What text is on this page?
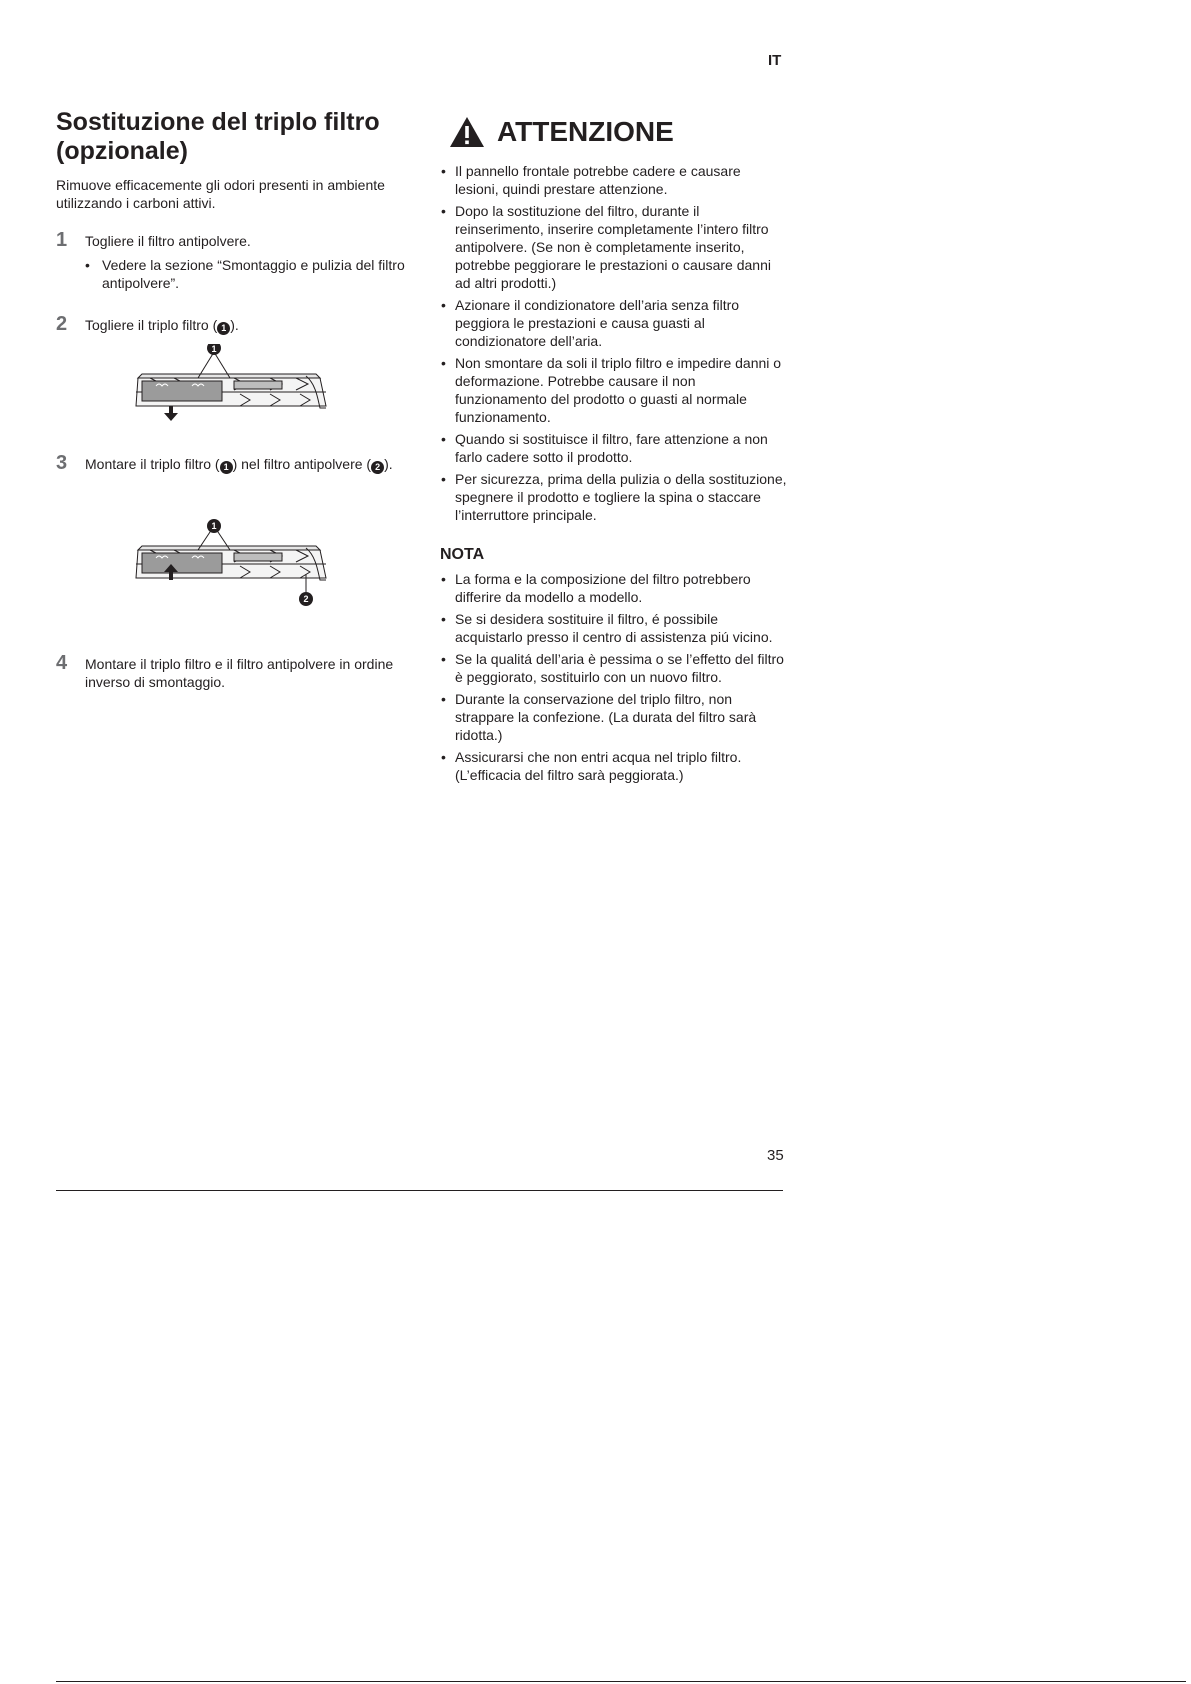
IT
Sostituzione del triplo filtro
(opzionale)

Rimuove efficacemente gli odori presenti in ambiente utilizzando i carboni attivi.

1 Togliere il filtro antipolvere.
• Vedere la sezione “Smontaggio e pulizia del filtro antipolvere”.
2 Togliere il triplo filtro ( 1 ).
3 Montare il triplo filtro ( 1 ) nel filtro antipolvere ( 2 ).
4 Montare il triplo filtro e il filtro antipolvere in ordine inverso di smontaggio.
1
1
2
ATTENZIONE
• Il pannello frontale potrebbe cadere e causare lesioni, quindi prestare attenzione.
• Dopo la sostituzione del filtro, durante il reinserimento, inserire completamente l’intero filtro antipolvere. (Se non è completamente inserito, potrebbe peggiorare le prestazioni o causare danni ad altri prodotti.)
• Azionare il condizionatore dell’aria senza filtro peggiora le prestazioni e causa guasti al condizionatore dell’aria.
• Non smontare da soli il triplo filtro e impedire danni o deformazione. Potrebbe causare il non funzionamento del prodotto o guasti al normale funzionamento.
• Quando si sostituisce il filtro, fare attenzione a non farlo cadere sotto il prodotto.
• Per sicurezza, prima della pulizia o della sostituzione, spegnere il prodotto e togliere la spina o staccare l’interruttore principale.
NOTA
• La forma e la composizione del filtro potrebbero differire da modello a modello.
• Se si desidera sostituire il filtro, é possibile acquistarlo presso il centro di assistenza piú vicino.
• Se la qualitá dell’aria è pessima o se l’effetto del filtro è peggiorato, sostituirlo con un nuovo filtro.
• Durante la conservazione del triplo filtro, non strappare la confezione. (La durata del filtro sarà ridotta.)
• Assicurarsi che non entri acqua nel triplo filtro. (L’efficacia del filtro sarà peggiorata.)
35
